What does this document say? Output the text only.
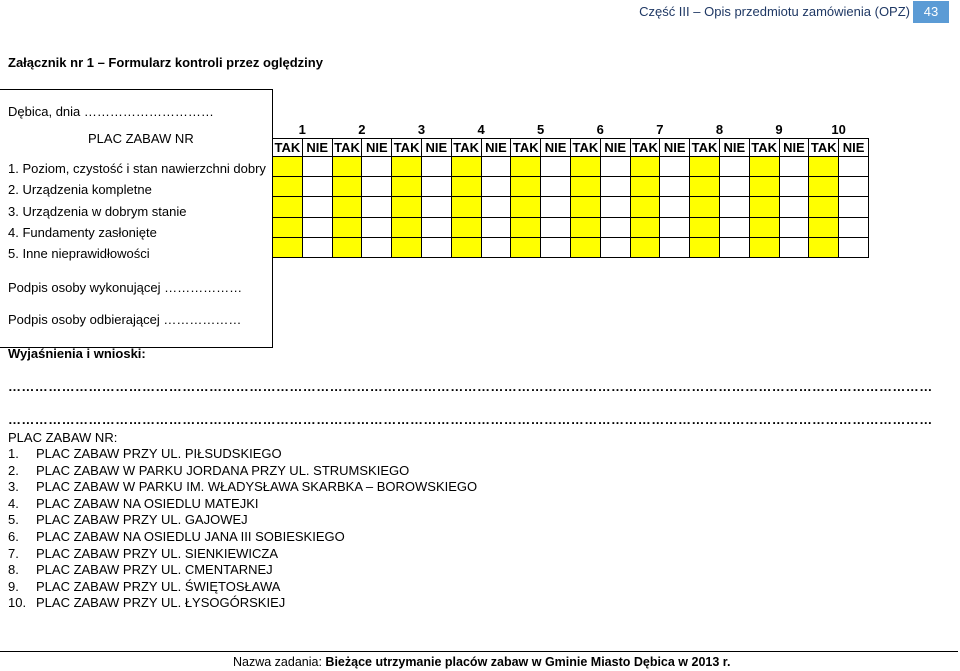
Część III – Opis przedmiotu zamówienia (OPZ)	43
Załącznik nr 1 – Formularz kontroli przez oględziny
Dębica, dnia …………………………
PLAC ZABAW NR
1. Poziom, czystość i stan nawierzchni dobry
2. Urządzenia kompletne
3. Urządzenia w dobrym stanie
4. Fundamenty zasłonięte
5. Inne nieprawidłowości
Podpis osoby wykonującej ………………
Podpis osoby odbierającej ………………
1		2		3		4		5		6		7		8		9		10	
TAK	NIE	TAK	NIE	TAK	NIE	TAK	NIE	TAK	NIE	TAK	NIE	TAK	NIE	TAK	NIE	TAK	NIE	TAK	NIE

Wyjaśnienia i wnioski:
………………………………………………………………………………………………………………………………………………………………………………………
………………………………………………………………………………………………………………………………………………………………………………………
PLAC ZABAW NR:
1. PLAC ZABAW PRZY UL. PIŁSUDSKIEGO
2. PLAC ZABAW W PARKU JORDANA PRZY UL. STRUMSKIEGO
3. PLAC ZABAW W PARKU IM. WŁADYSŁAWA SKARBKA – BOROWSKIEGO
4. PLAC ZABAW NA OSIEDLU MATEJKI
5. PLAC ZABAW PRZY UL. GAJOWEJ
6. PLAC ZABAW NA OSIEDLU JANA III SOBIESKIEGO
7. PLAC ZABAW PRZY UL. SIENKIEWICZA
8. PLAC ZABAW PRZY UL. CMENTARNEJ
9. PLAC ZABAW PRZY UL. ŚWIĘTOSŁAWA
10. PLAC ZABAW PRZY UL. ŁYSOGÓRSKIEJ
Nazwa zadania: Bieżące utrzymanie placów zabaw w Gminie Miasto Dębica w 2013 r.
